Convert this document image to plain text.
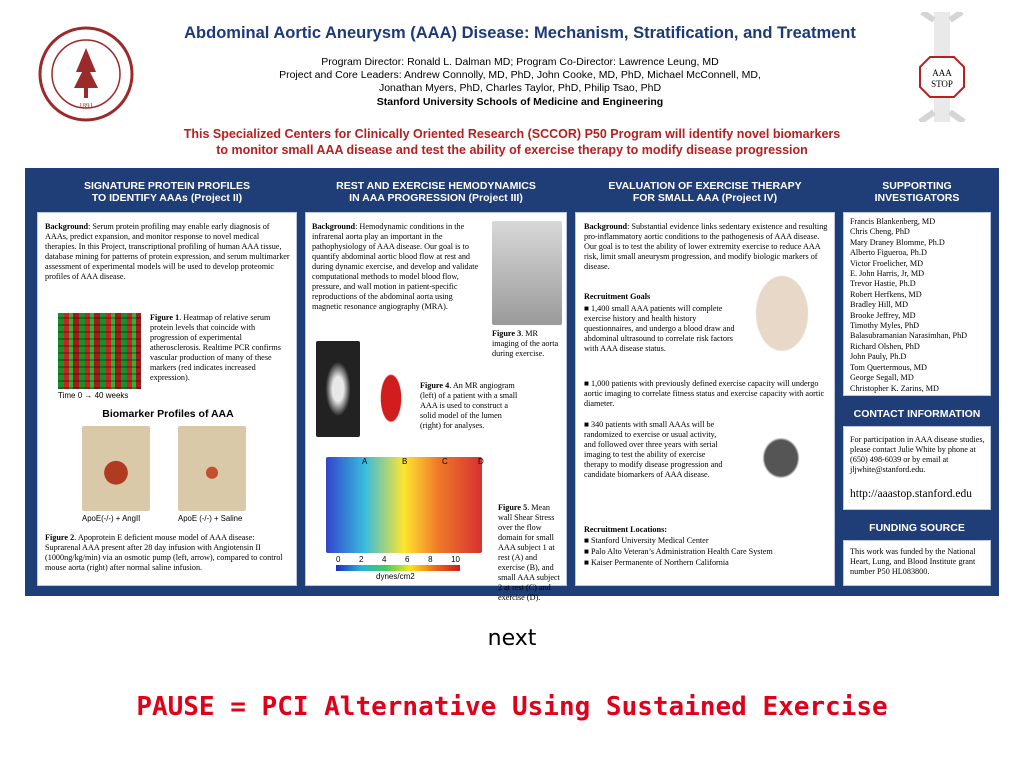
1891
Abdominal Aortic Aneurysm (AAA) Disease: Mechanism, Stratification, and Treatment
Program Director: Ronald L. Dalman MD; Program Co-Director: Lawrence Leung, MD
Project and Core Leaders: Andrew Connolly, MD, PhD, John Cooke, MD, PhD, Michael McConnell, MD,
Jonathan Myers, PhD, Charles Taylor, PhD, Philip Tsao, PhD
Stanford University Schools of Medicine and Engineering
AAA
STOP
This Specialized Centers for Clinically Oriented Research (SCCOR) P50 Program will identify novel biomarkers
to monitor small AAA disease and test the ability of exercise therapy to modify disease progression
SIGNATURE PROTEIN PROFILES
TO IDENTIFY AAAs (Project II)
REST AND EXERCISE HEMODYNAMICS
IN AAA PROGRESSION (Project III)
EVALUATION OF EXERCISE THERAPY
FOR SMALL AAA (Project IV)
SUPPORTING
INVESTIGATORS
Background: Serum protein profiling may enable early diagnosis of AAAs, predict expansion, and monitor response to novel medical therapies. In this Project, transcriptional profiling of human AAA tissue, database mining for patterns of protein expression, and serum multimarker assessment of experimental models will be used to develop proteomic profiles of AAA disease.
Figure 1. Heatmap of relative serum protein levels that coincide with progression of experimental atherosclerosis. Realtime PCR confirms vascular production of many of these markers (red indicates increased expression).
Time 0 → 40 weeks
Biomarker Profiles of AAA
ApoE(-/-) + AngII	ApoE (-/-) + Saline
Figure 2. Apoprotein E deficient mouse model of AAA disease: Suprarenal AAA present after 28 day infusion with Angiotensin II (1000ng/kg/min) via an osmotic pump (left, arrow), compared to control mouse aorta (right) after normal saline infusion.
Background: Hemodynamic conditions in the infrarenal aorta play an important in the pathophysiology of AAA disease. Our goal is to quantify abdominal aortic blood flow at rest and during dynamic exercise, and develop and validate computational methods to model blood flow, pressure, and wall motion in patient-specific reproductions of the abdominal aorta using magnetic resonance angiography (MRA).
Figure 3. MR imaging of the aorta during exercise.
Figure 4. An MR angiogram (left) of a patient with a small AAA is used to construct a solid model of the lumen (right) for analyses.
A	B	C	D
0 2 4 6 8 10
dynes/cm2
Figure 5. Mean wall Shear Stress over the flow domain for small AAA subject 1 at rest (A) and exercise (B), and small AAA subject 2 at rest (C) and exercise (D).
Background: Substantial evidence links sedentary existence and resulting pro-inflammatory aortic conditions to the pathogenesis of AAA disease. Our goal is to test the ability of lower extremity exercise to reduce AAA risk, limit small aneurysm progression, and modify biologic markers of disease.
Recruitment Goals
■ 1,400 small AAA patients will complete exercise history and health history questionnaires, and undergo a blood draw and abdominal ultrasound to correlate risk factors with AAA disease status.
■ 1,000 patients with previously defined exercise capacity will undergo aortic imaging to correlate fitness status and exercise capacity with aortic diameter.
■ 340 patients with small AAAs will be randomized to exercise or usual activity, and followed over three years with serial imaging to test the ability of exercise therapy to modify disease progression and candidate biomarkers of AAA disease.
Recruitment Locations:
■ Stanford University Medical Center
■ Palo Alto Veteran’s Administration Health Care System
■ Kaiser Permanente of Northern California
Francis Blankenberg, MD
Chris Cheng, PhD
Mary Draney Blomme, Ph.D
Alberto Figueroa, Ph.D
Victor Froelicher, MD
E. John Harris, Jr, MD
Trevor Hastie, Ph.D
Robert Herfkens, MD
Bradley Hill, MD
Brooke Jeffrey, MD
Timothy Myles, PhD
Balasubramanian Narasimhan, PhD
Richard Olshen, PhD
John Pauly, Ph.D
Tom Quertermous, MD
George Segall, MD
Christopher K. Zarins, MD
CONTACT INFORMATION
For participation in AAA disease studies, please contact Julie White by phone at (650) 498-6039 or by email at jljwhite@stanford.edu.
http://aaastop.stanford.edu
FUNDING SOURCE
This work was funded by the National Heart, Lung, and Blood Institute grant number P50 HL083800.
next
PAUSE = PCI Alternative Using Sustained Exercise
